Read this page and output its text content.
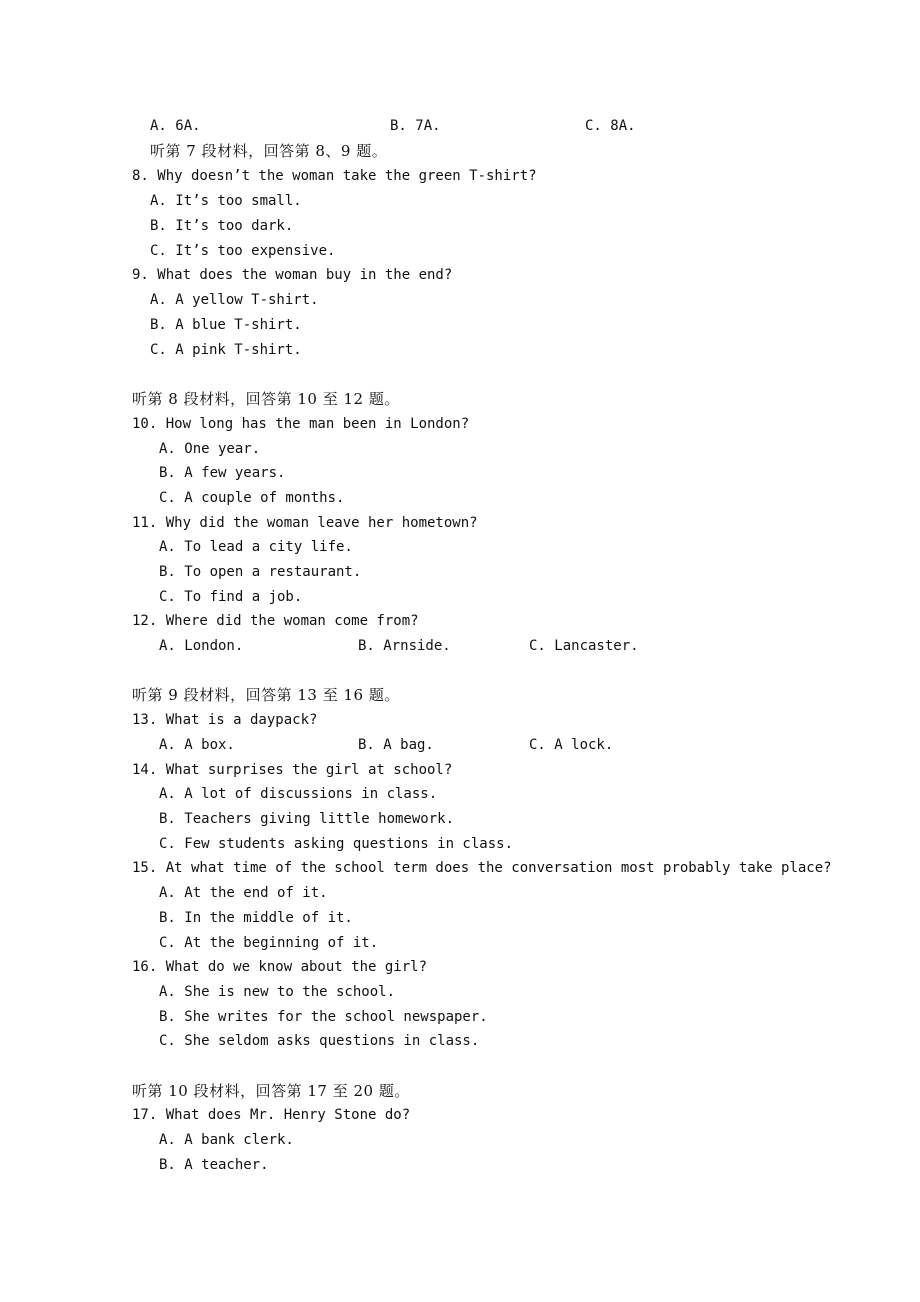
A. 6A.	B. 7A.	C. 8A.
听第 7 段材料，回答第 8、9 题。
8. Why doesn’t the woman take the green T-shirt?
A. It’s too small.
B. It’s too dark.
C. It’s too expensive.
9. What does the woman buy in the end?
A. A yellow T-shirt.
B. A blue T-shirt.
C. A pink T-shirt.
听第 8 段材料，回答第 10 至 12 题。
10. How long has the man been in London?
A. One year.
B. A few years.
C. A couple of months.
11. Why did the woman leave her hometown?
A. To lead a city life.
B. To open a restaurant.
C. To find a job.
12. Where did the woman come from?
A. London.	B. Arnside.	C. Lancaster.
听第 9 段材料，回答第 13 至 16 题。
13. What is a daypack?
A. A box.	B. A bag.	C. A lock.
14. What surprises the girl at school?
A. A lot of discussions in class.
B. Teachers giving little homework.
C. Few students asking questions in class.
15. At what time of the school term does the conversation most probably take place?
A. At the end of it.
B. In the middle of it.
C. At the beginning of it.
16. What do we know about the girl?
A. She is new to the school.
B. She writes for the school newspaper.
C. She seldom asks questions in class.
听第 10 段材料，回答第 17 至 20 题。
17. What does Mr. Henry Stone do?
A. A bank clerk.
B. A teacher.
